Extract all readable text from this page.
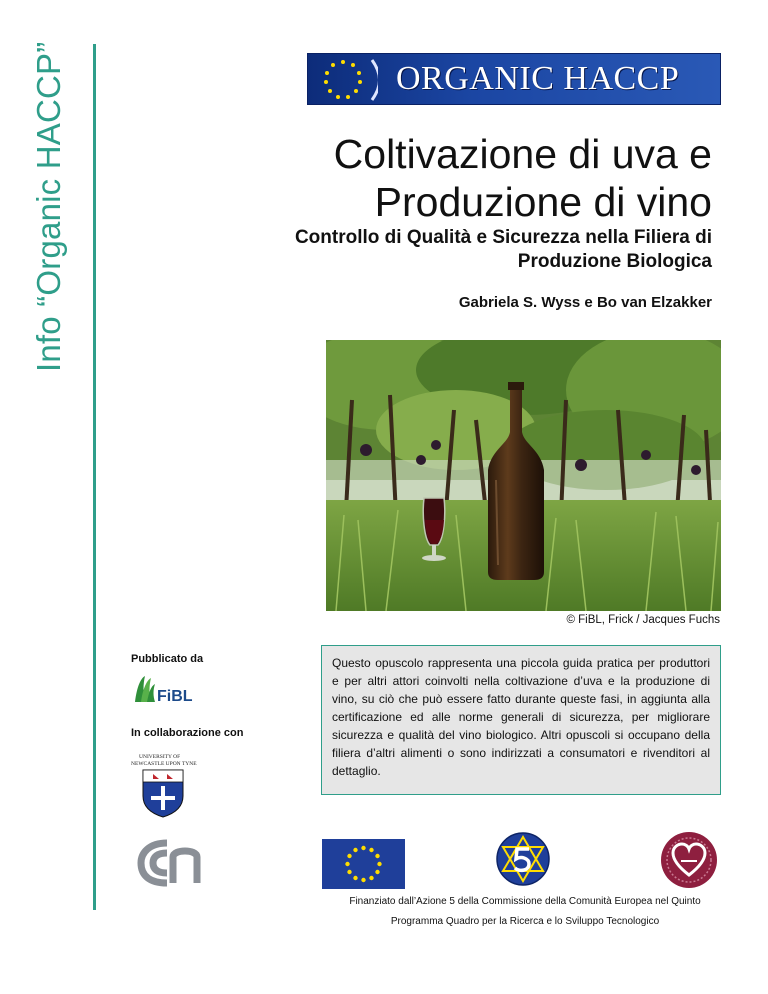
Info “Organic HACCP”	ORGANIC HACCP
Coltivazione di uva e
Produzione di vino
Controllo di Qualità e Sicurezza nella Filiera di
Produzione Biologica
Gabriela S. Wyss e Bo van Elzakker
© FiBL, Frick / Jacques Fuchs
Pubblicato da
FiBL
In collaborazione con
UNIVERSITY OF
NEWCASTLE UPON TYNE
Questo opuscolo rappresenta una piccola guida pratica per produttori e per altri attori coinvolti nella coltivazione d’uva e la produzione di vino, su ciò che può essere fatto durante queste fasi, in aggiunta alla certificazione ed alle norme generali di sicurezza, per migliorare sicurezza e qualità del vino biologico. Altri opuscoli si occupano della filiera d’altri alimenti o sono indirizzati a consumatori e rivenditori al dettaglio.
Finanziato dall’Azione 5 della Commissione della Comunità Europea nel Quinto
Programma Quadro per la Ricerca e lo Sviluppo Tecnologico
